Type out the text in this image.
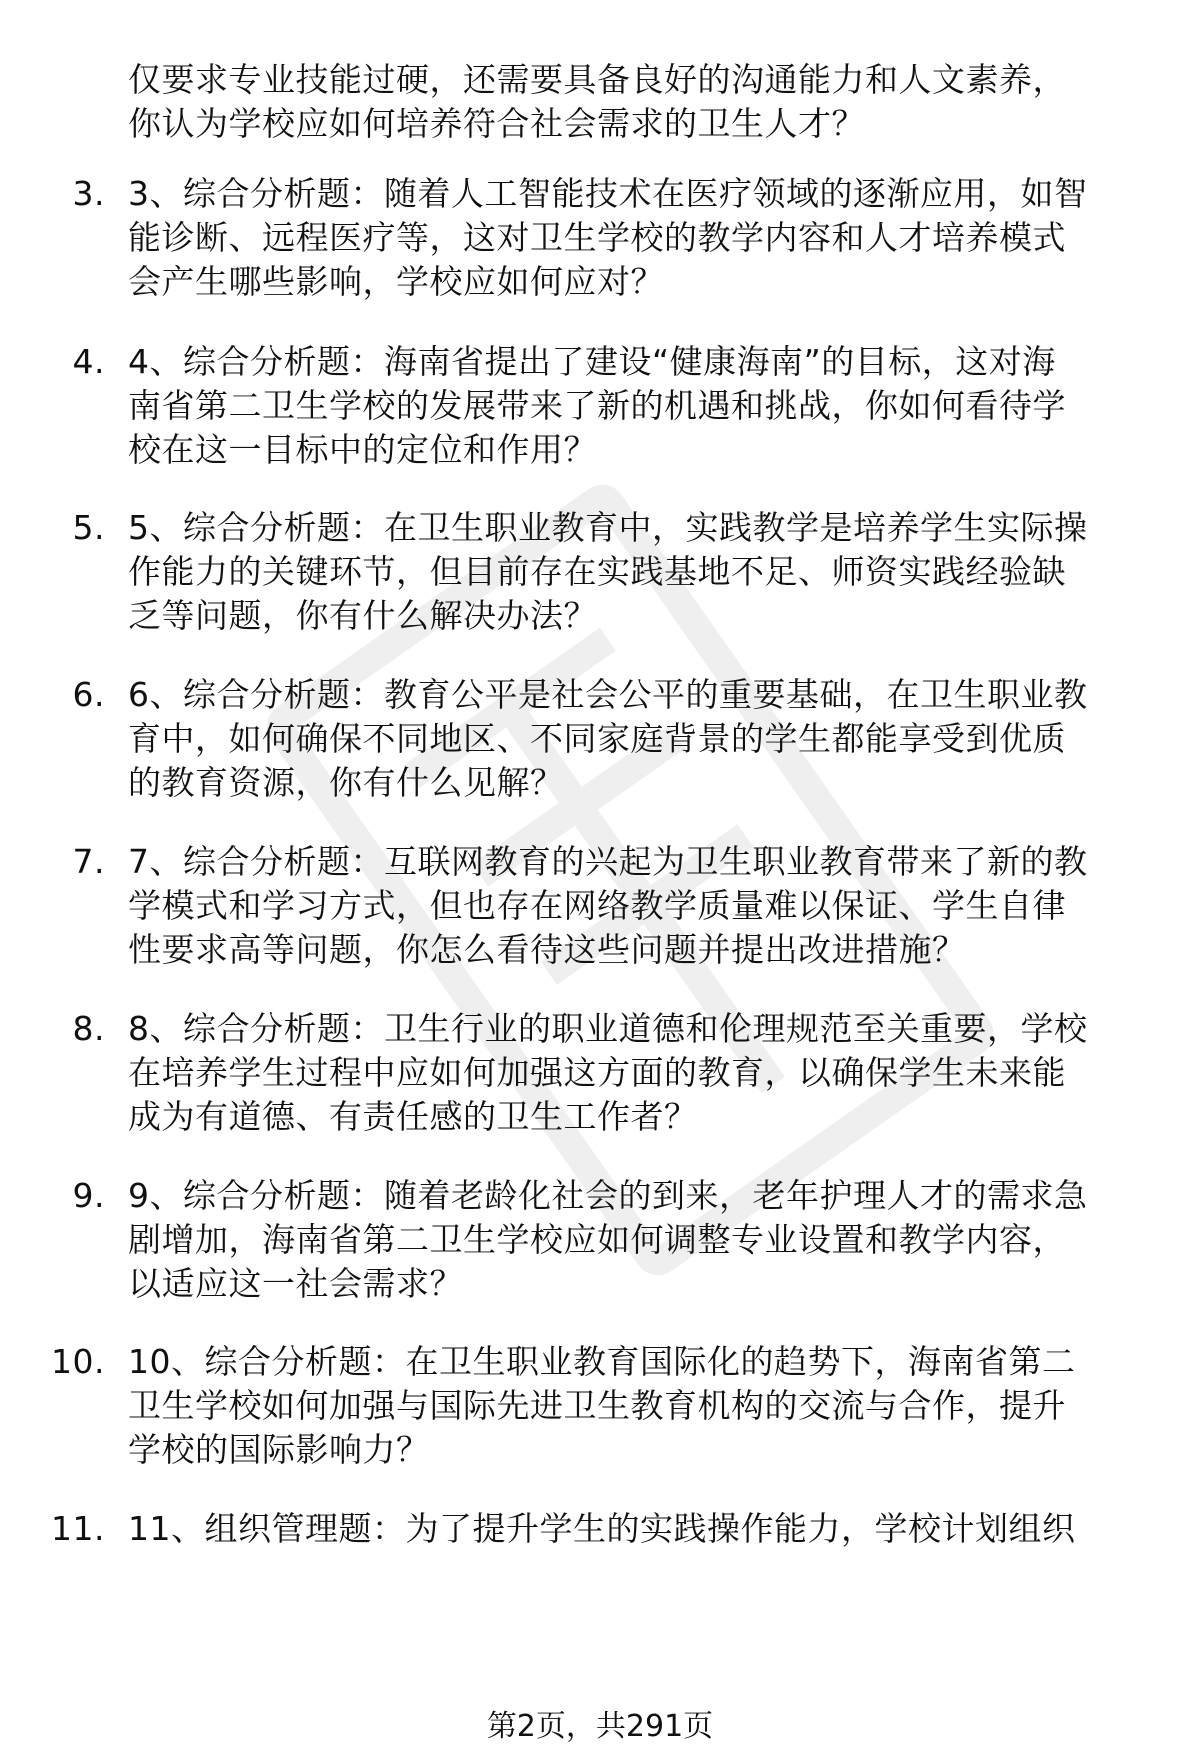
仅要求专业技能过硬，还需要具备良好的沟通能力和人文素养，
你认为学校应如何培养符合社会需求的卫生人才？
3. 3、综合分析题：随着人工智能技术在医疗领域的逐渐应用，如智
能诊断、远程医疗等，这对卫生学校的教学内容和人才培养模式
会产生哪些影响，学校应如何应对？
4. 4、综合分析题：海南省提出了建设“健康海南”的目标，这对海
南省第二卫生学校的发展带来了新的机遇和挑战，你如何看待学
校在这一目标中的定位和作用？
5. 5、综合分析题：在卫生职业教育中，实践教学是培养学生实际操
作能力的关键环节，但目前存在实践基地不足、师资实践经验缺
乏等问题，你有什么解决办法？
6. 6、综合分析题：教育公平是社会公平的重要基础，在卫生职业教
育中，如何确保不同地区、不同家庭背景的学生都能享受到优质
的教育资源，你有什么见解？
7. 7、综合分析题：互联网教育的兴起为卫生职业教育带来了新的教
学模式和学习方式，但也存在网络教学质量难以保证、学生自律
性要求高等问题，你怎么看待这些问题并提出改进措施？
8. 8、综合分析题：卫生行业的职业道德和伦理规范至关重要，学校
在培养学生过程中应如何加强这方面的教育，以确保学生未来能
成为有道德、有责任感的卫生工作者？
9. 9、综合分析题：随着老龄化社会的到来，老年护理人才的需求急
剧增加，海南省第二卫生学校应如何调整专业设置和教学内容，
以适应这一社会需求？
10. 10、综合分析题：在卫生职业教育国际化的趋势下，海南省第二
卫生学校如何加强与国际先进卫生教育机构的交流与合作，提升
学校的国际影响力？
11. 11、组织管理题：为了提升学生的实践操作能力，学校计划组织
第2页，共291页
